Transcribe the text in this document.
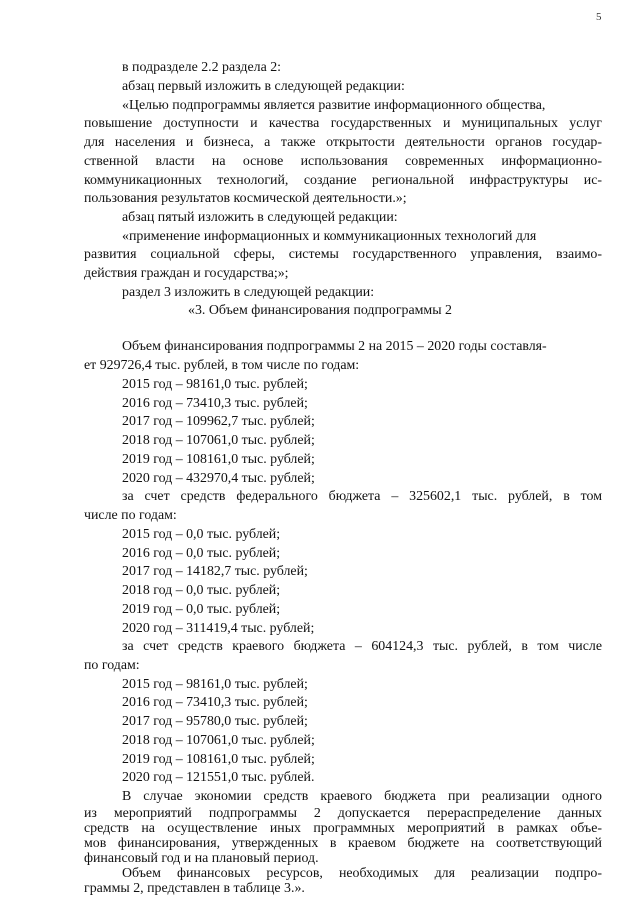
5
в подразделе 2.2 раздела 2:
абзац первый изложить в следующей редакции:
«Целью подпрограммы является развитие информационного общества,
повышение доступности и качества государственных и муниципальных услуг
для населения и бизнеса, а также открытости деятельности органов государ-
ственной власти на основе использования современных информационно-
коммуникационных технологий, создание региональной инфраструктуры ис-
пользования результатов космической деятельности.»;
абзац пятый изложить в следующей редакции:
«применение информационных и коммуникационных технологий для
развития социальной сферы, системы государственного управления, взаимо-
действия граждан и государства;»;
раздел 3 изложить в следующей редакции:
«3. Объем финансирования подпрограммы 2
Объем финансирования подпрограммы 2 на 2015 – 2020 годы составля-
ет 929726,4 тыс. рублей, в том числе по годам:
2015 год – 98161,0 тыс. рублей;
2016 год – 73410,3 тыс. рублей;
2017 год – 109962,7 тыс. рублей;
2018 год – 107061,0 тыс. рублей;
2019 год – 108161,0 тыс. рублей;
2020 год – 432970,4 тыс. рублей;
за счет средств федерального бюджета – 325602,1 тыс. рублей, в том
числе по годам:
2015 год – 0,0 тыс. рублей;
2016 год – 0,0 тыс. рублей;
2017 год – 14182,7 тыс. рублей;
2018 год – 0,0 тыс. рублей;
2019 год – 0,0 тыс. рублей;
2020 год – 311419,4 тыс. рублей;
за счет средств краевого бюджета – 604124,3 тыс. рублей, в том числе
по годам:
2015 год – 98161,0 тыс. рублей;
2016 год – 73410,3 тыс. рублей;
2017 год – 95780,0 тыс. рублей;
2018 год – 107061,0 тыс. рублей;
2019 год – 108161,0 тыс. рублей;
2020 год – 121551,0 тыс. рублей.
В случае экономии средств краевого бюджета при реализации одного
из мероприятий подпрограммы 2 допускается перераспределение данных
средств на осуществление иных программных мероприятий в рамках объе-
мов финансирования, утвержденных в краевом бюджете на соответствующий
финансовый год и на плановый период.
Объем финансовых ресурсов, необходимых для реализации подпро-
граммы 2, представлен в таблице 3.».
